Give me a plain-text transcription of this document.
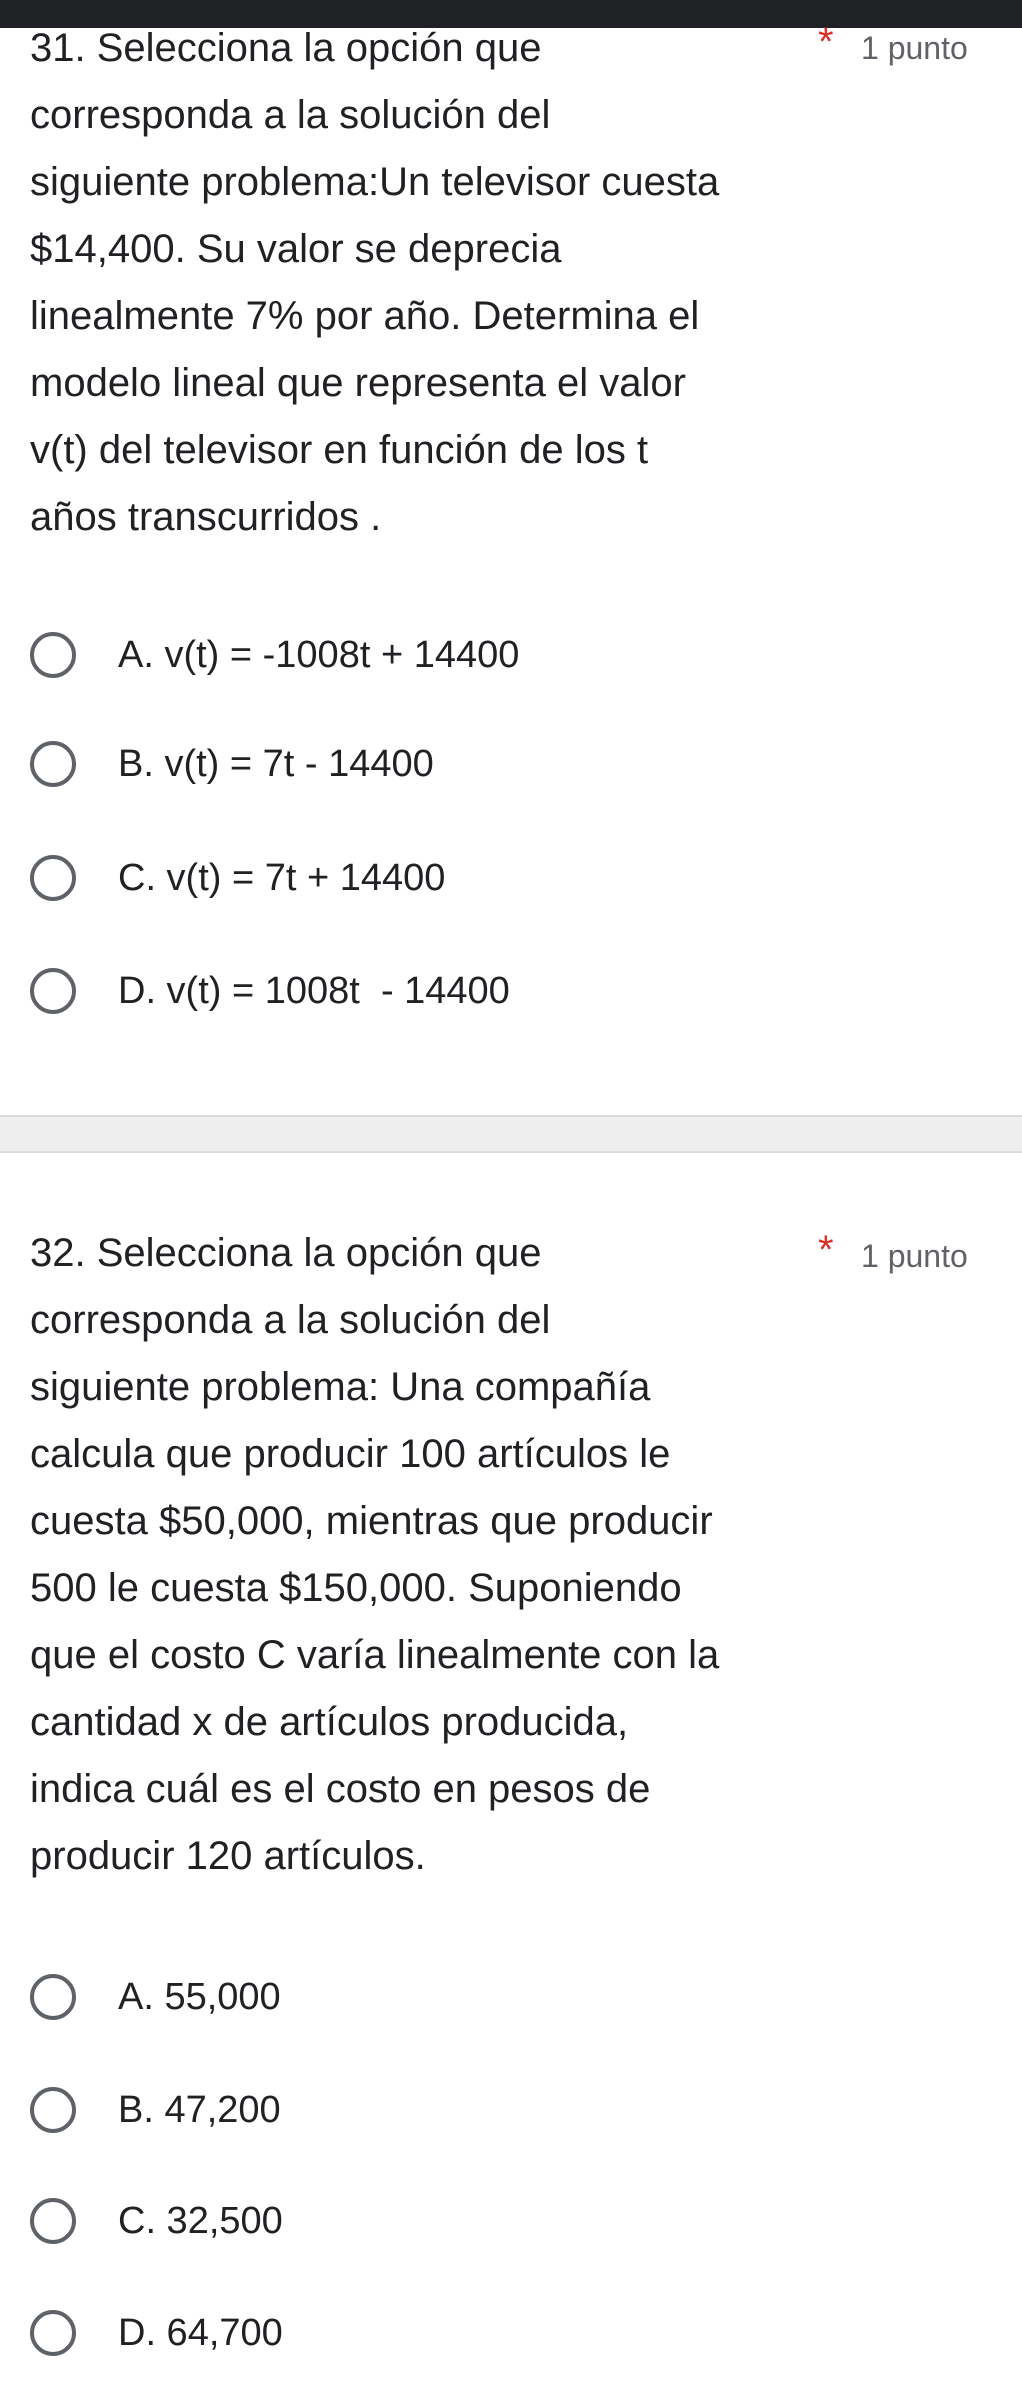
31. Selecciona la opción que
corresponda a la solución del
siguiente problema:Un televisor cuesta
$14,400. Su valor se deprecia
linealmente 7% por año. Determina el
modelo lineal que representa el valor
v(t) del televisor en función de los t
años transcurridos .
* 1 punto
A. v(t) = -1008t + 14400
B. v(t) = 7t - 14400
C. v(t) = 7t + 14400
D. v(t) = 1008t  - 14400
32. Selecciona la opción que
corresponda a la solución del
siguiente problema: Una compañía
calcula que producir 100 artículos le
cuesta $50,000, mientras que producir
500 le cuesta $150,000. Suponiendo
que el costo C varía linealmente con la
cantidad x de artículos producida,
indica cuál es el costo en pesos de
producir 120 artículos.
* 1 punto
A. 55,000
B. 47,200
C. 32,500
D. 64,700
